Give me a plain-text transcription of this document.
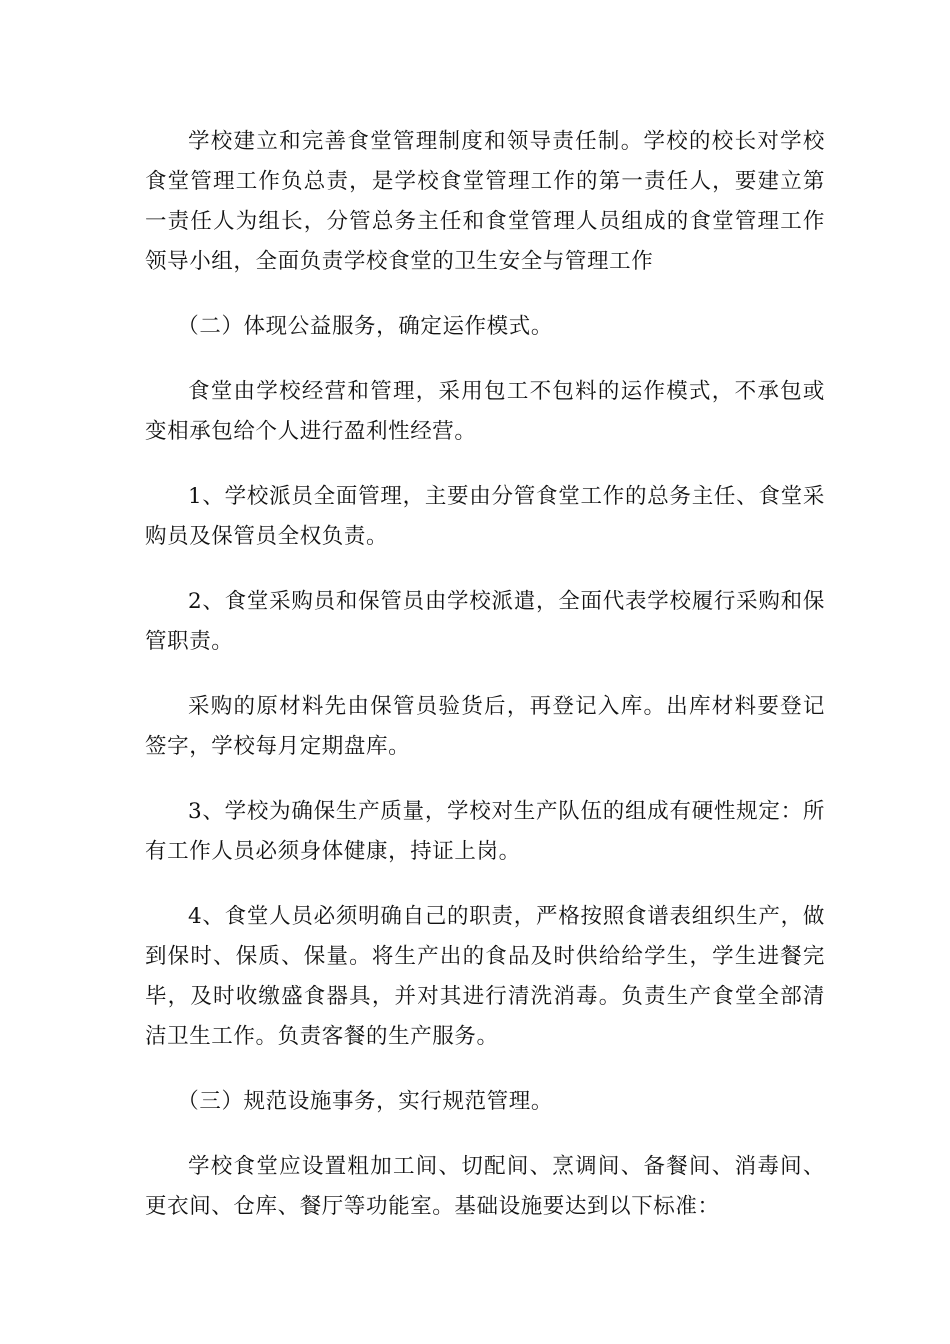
学校建立和完善食堂管理制度和领导责任制。学校的校长对学校食堂管理工作负总责，是学校食堂管理工作的第一责任人，要建立第一责任人为组长，分管总务主任和食堂管理人员组成的食堂管理工作领导小组，全面负责学校食堂的卫生安全与管理工作

（二）体现公益服务，确定运作模式。

食堂由学校经营和管理，采用包工不包料的运作模式，不承包或变相承包给个人进行盈利性经营。

1、学校派员全面管理，主要由分管食堂工作的总务主任、食堂采购员及保管员全权负责。

2、食堂采购员和保管员由学校派遣，全面代表学校履行采购和保管职责。

采购的原材料先由保管员验货后，再登记入库。出库材料要登记签字，学校每月定期盘库。

3、学校为确保生产质量，学校对生产队伍的组成有硬性规定：所有工作人员必须身体健康，持证上岗。

4、食堂人员必须明确自己的职责，严格按照食谱表组织生产，做到保时、保质、保量。将生产出的食品及时供给给学生，学生进餐完毕，及时收缴盛食器具，并对其进行清洗消毒。负责生产食堂全部清洁卫生工作。负责客餐的生产服务。

（三）规范设施事务，实行规范管理。

学校食堂应设置粗加工间、切配间、烹调间、备餐间、消毒间、更衣间、仓库、餐厅等功能室。基础设施要达到以下标准：
